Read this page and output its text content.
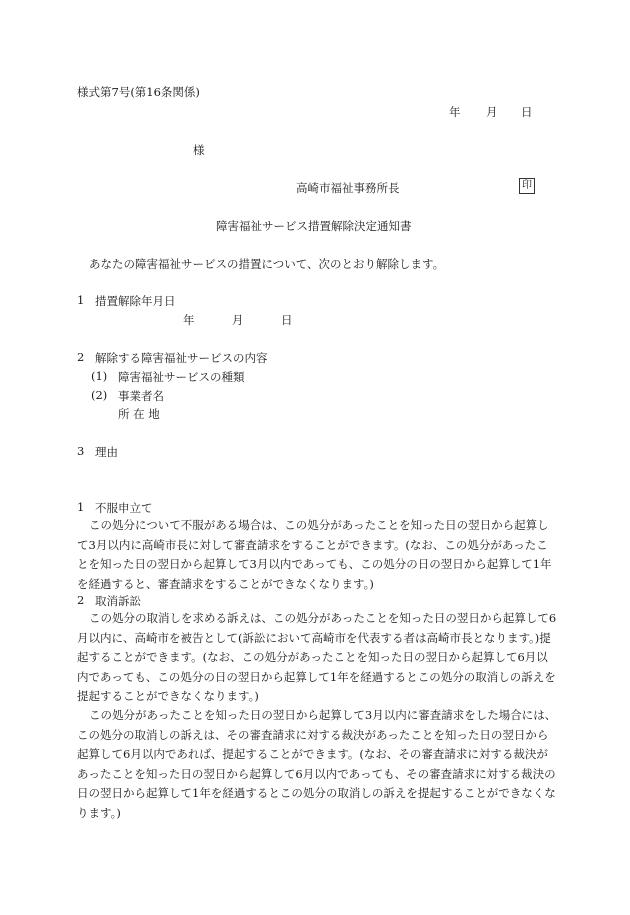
様式第7号(第16条関係)
年 月 日
様
高崎市福祉事務所長	印
障害福祉サービス措置解除決定通知書
あなたの障害福祉サービスの措置について、次のとおり解除します。
1 措置解除年月日
年	月	日
2 解除する障害福祉サービスの内容
(1) 障害福祉サービスの種類
(2) 事業者名
所 在 地
3 理由
1 不服申立て
この処分について不服がある場合は、この処分があったことを知った日の翌日から起算して3月以内に高崎市長に対して審査請求をすることができます。(なお、この処分があったことを知った日の翌日から起算して3月以内であっても、この処分の日の翌日から起算して1年を経過すると、審査請求をすることができなくなります。)
2 取消訴訟
この処分の取消しを求める訴えは、この処分があったことを知った日の翌日から起算して6月以内に、高崎市を被告として(訴訟において高崎市を代表する者は高崎市長となります。)提起することができます。(なお、この処分があったことを知った日の翌日から起算して6月以内であっても、この処分の日の翌日から起算して1年を経過するとこの処分の取消しの訴えを提起することができなくなります。)
この処分があったことを知った日の翌日から起算して3月以内に審査請求をした場合には、この処分の取消しの訴えは、その審査請求に対する裁決があったことを知った日の翌日から起算して6月以内であれば、提起することができます。(なお、その審査請求に対する裁決があったことを知った日の翌日から起算して6月以内であっても、その審査請求に対する裁決の日の翌日から起算して1年を経過するとこの処分の取消しの訴えを提起することができなくなります。)
